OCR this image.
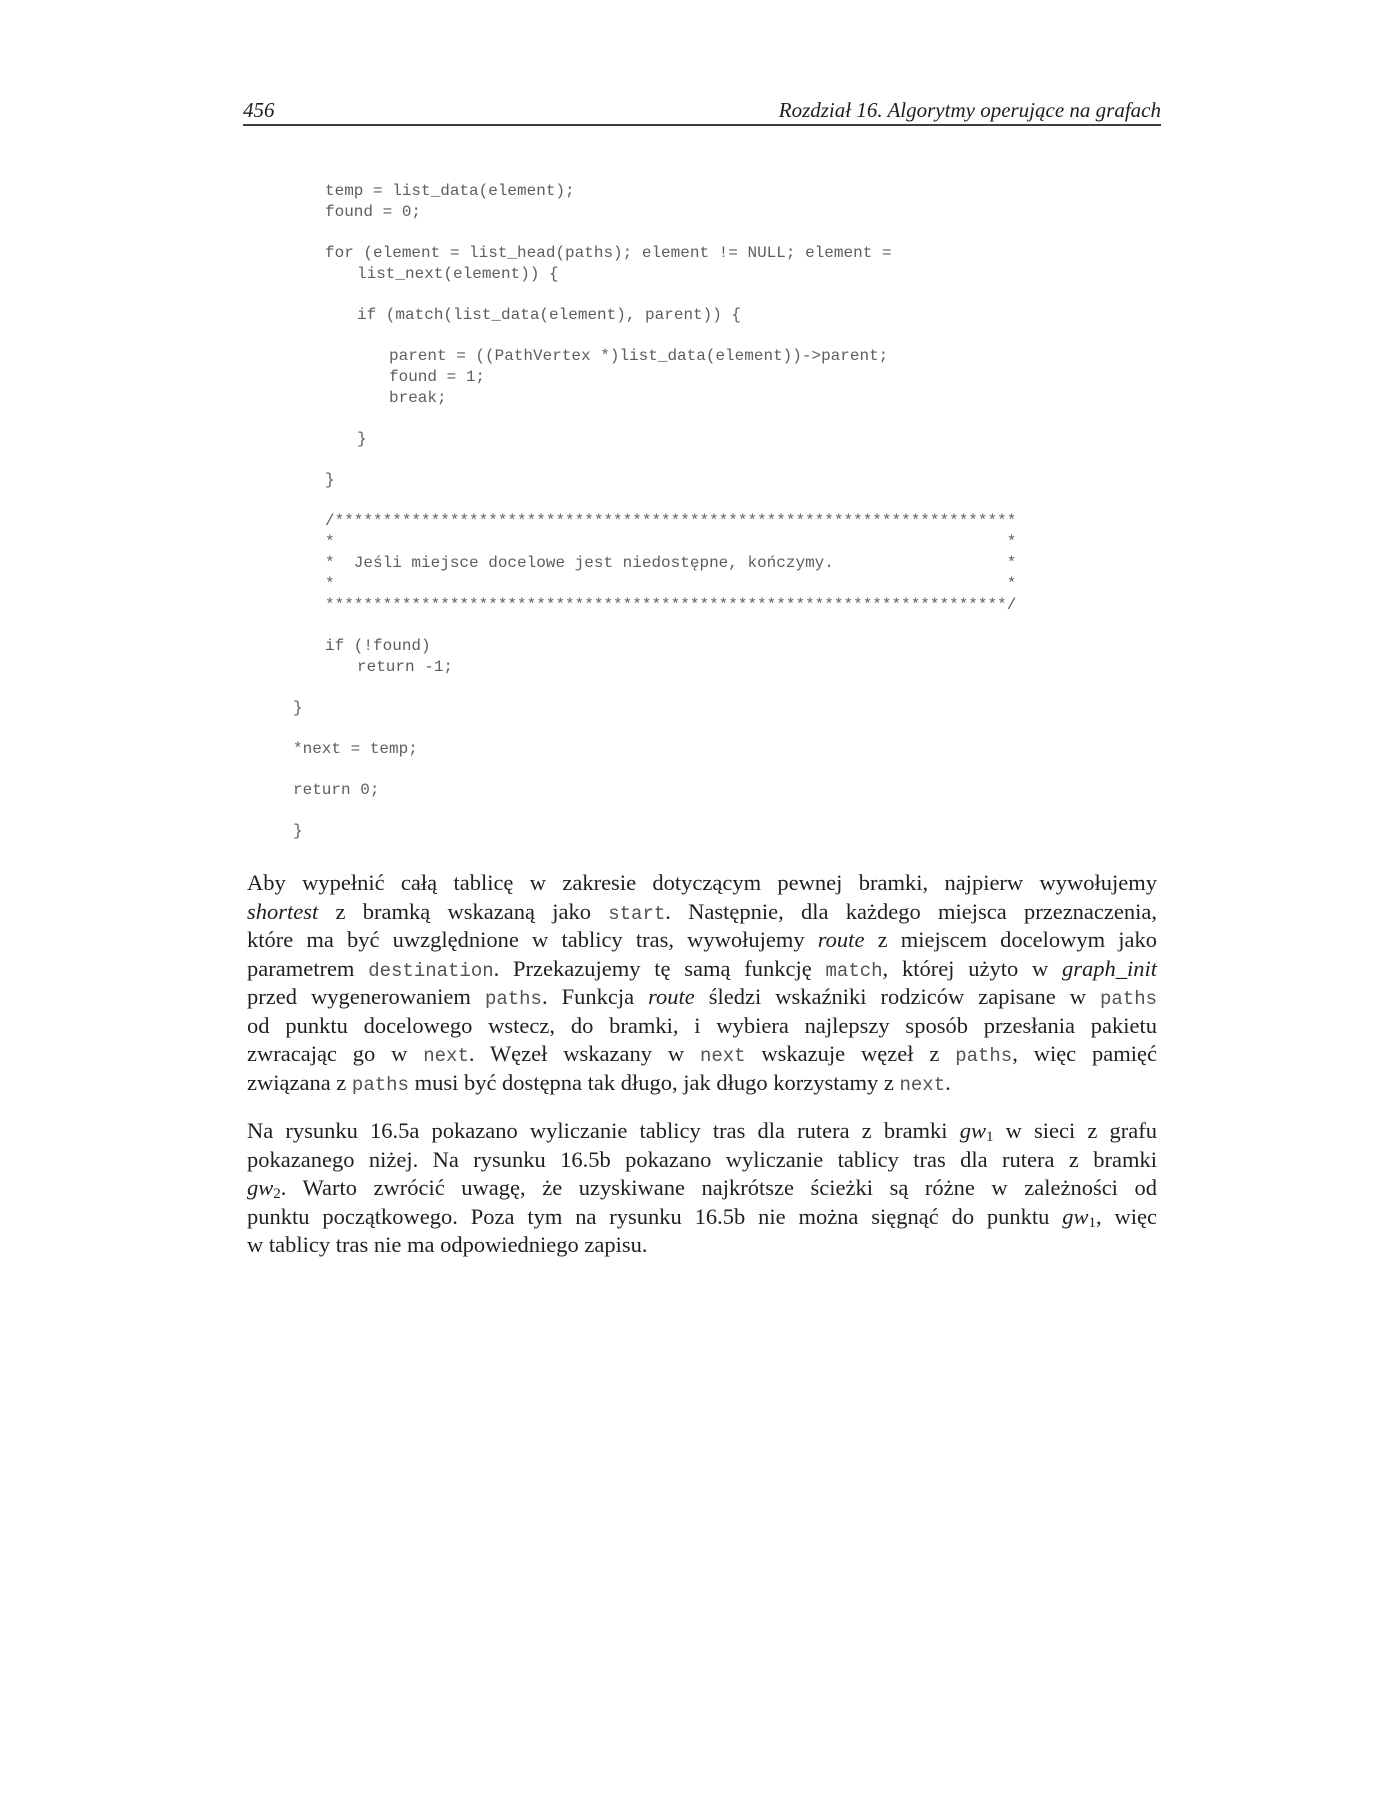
456	Rozdział 16. Algorytmy operujące na grafach
temp = list_data(element);
found = 0;
for (element = list_head(paths); element != NULL; element =
list_next(element)) {
if (match(list_data(element), parent)) {
parent = ((PathVertex *)list_data(element))->parent;
found = 1;
break;
}
}
/***********************************************************************
*                                                                      *
*  Jeśli miejsce docelowe jest niedostępne, kończymy.                  *
*                                                                      *
***********************************************************************/
if (!found)
return -1;
}
*next = temp;
return 0;
}
Aby wypełnić całą tablicę w zakresie dotyczącym pewnej bramki, najpierw wywołujemy
shortest z bramką wskazaną jako start. Następnie, dla każdego miejsca przeznaczenia,
które ma być uwzględnione w tablicy tras, wywołujemy route z miejscem docelowym jako
parametrem destination. Przekazujemy tę samą funkcję match, której użyto w graph_init
przed wygenerowaniem paths. Funkcja route śledzi wskaźniki rodziców zapisane w paths
od punktu docelowego wstecz, do bramki, i wybiera najlepszy sposób przesłania pakietu
zwracając go w next. Węzeł wskazany w next wskazuje węzeł z paths, więc pamięć
związana z paths musi być dostępna tak długo, jak długo korzystamy z next.
Na rysunku 16.5a pokazano wyliczanie tablicy tras dla rutera z bramki $gw_1$ w sieci z grafu
pokazanego niżej. Na rysunku 16.5b pokazano wyliczanie tablicy tras dla rutera z bramki
$gw_2$. Warto zwrócić uwagę, że uzyskiwane najkrótsze ścieżki są różne w zależności od
punktu początkowego. Poza tym na rysunku 16.5b nie można sięgnąć do punktu $gw_1$, więc
w tablicy tras nie ma odpowiedniego zapisu.
